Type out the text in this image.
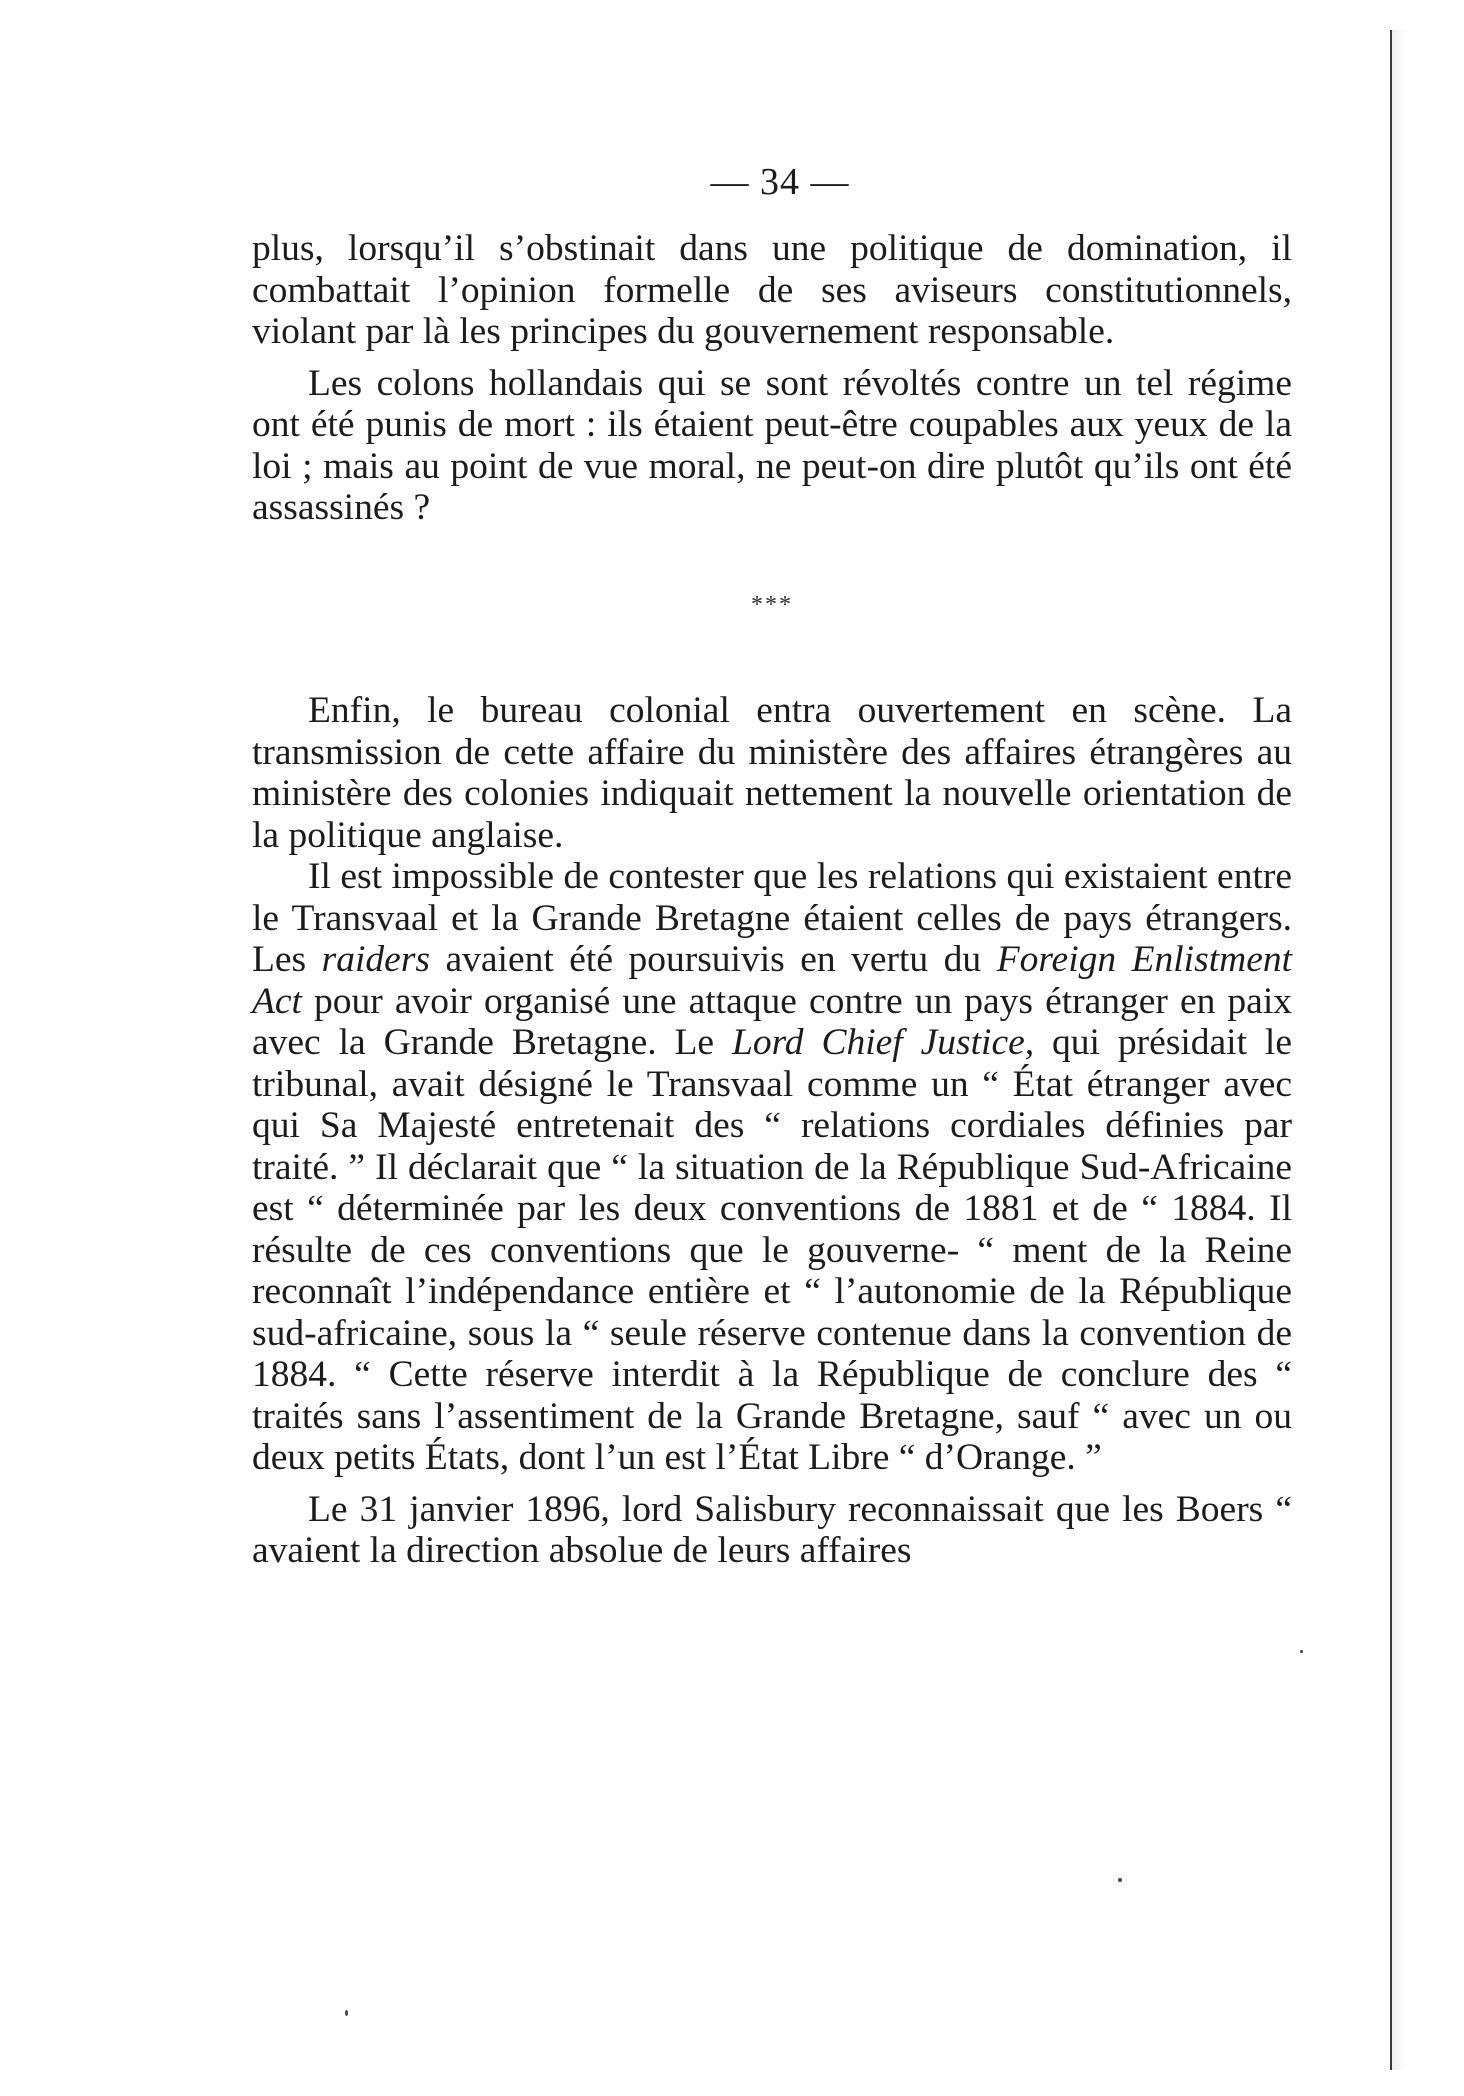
— 34 —

plus, lorsqu’il s’obstinait dans une politique de domination, il combattait l’opinion formelle de ses aviseurs constitutionnels, violant par là les principes du gouvernement responsable.

Les colons hollandais qui se sont révoltés contre un tel régime ont été punis de mort : ils étaient peut-être coupables aux yeux de la loi ; mais au point de vue moral, ne peut-on dire plutôt qu’ils ont été assassinés ?

***

Enfin, le bureau colonial entra ouvertement en scène. La transmission de cette affaire du ministère des affaires étrangères au ministère des colonies indiquait nettement la nouvelle orientation de la politique anglaise.

Il est impossible de contester que les relations qui existaient entre le Transvaal et la Grande Bretagne étaient celles de pays étrangers. Les raiders avaient été poursuivis en vertu du Foreign Enlistment Act pour avoir organisé une attaque contre un pays étranger en paix avec la Grande Bretagne. Le Lord Chief Justice, qui présidait le tribunal, avait désigné le Transvaal comme un “ État étranger avec qui Sa Majesté entretenait des “ relations cordiales définies par traité. ” Il déclarait que “ la situation de la République Sud-Africaine est “ déterminée par les deux conventions de 1881 et de “ 1884. Il résulte de ces conventions que le gouverne- “ ment de la Reine reconnaît l’indépendance entière et “ l’autonomie de la République sud-africaine, sous la “ seule réserve contenue dans la convention de 1884. “ Cette réserve interdit à la République de conclure des “ traités sans l’assentiment de la Grande Bretagne, sauf “ avec un ou deux petits États, dont l’un est l’État Libre “ d’Orange. ”

Le 31 janvier 1896, lord Salisbury reconnaissait que les Boers “ avaient la direction absolue de leurs affaires
